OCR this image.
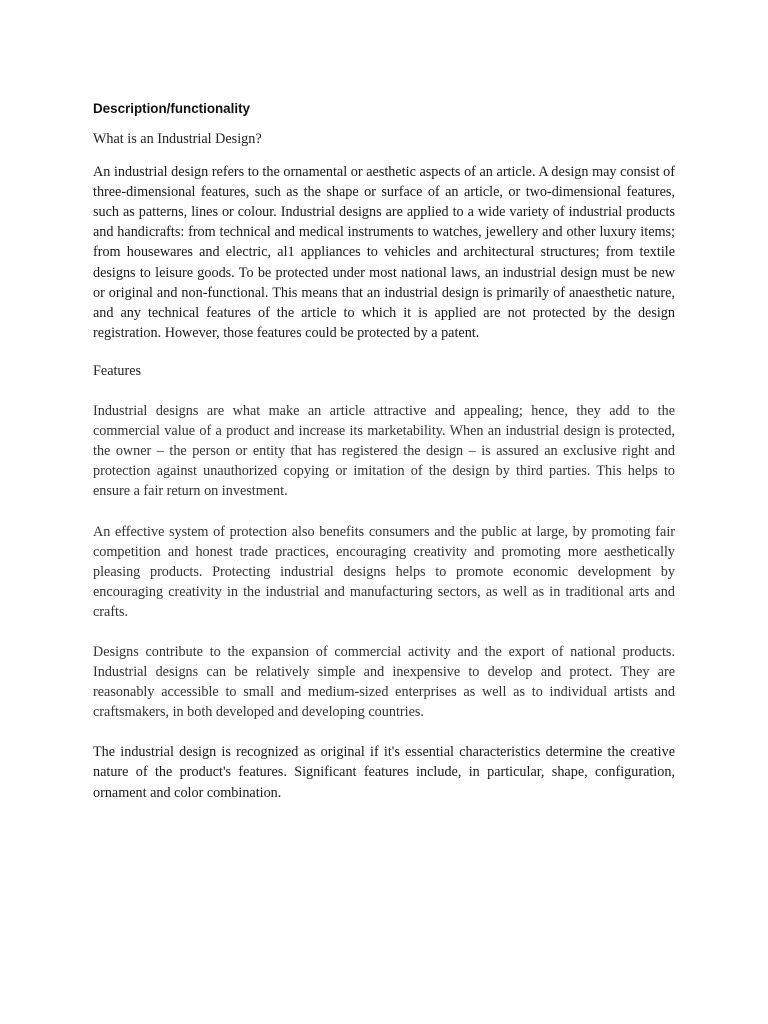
Description/functionality

What is an Industrial Design?

An industrial design refers to the ornamental or aesthetic aspects of an article. A design may consist of three-dimensional features, such as the shape or surface of an article, or two-dimensional features, such as patterns, lines or colour. Industrial designs are applied to a wide variety of industrial products and handicrafts: from technical and medical instruments to watches, jewellery and other luxury items; from housewares and electric, al1 appliances to vehicles and architectural structures; from textile designs to leisure goods. To be protected under most national laws, an industrial design must be new or original and non-functional. This means that an industrial design is primarily of anaesthetic nature, and any technical features of the article to which it is applied are not protected by the design registration. However, those features could be protected by a patent.

Features

Industrial designs are what make an article attractive and appealing; hence, they add to the commercial value of a product and increase its marketability. When an industrial design is protected, the owner – the person or entity that has registered the design – is assured an exclusive right and protection against unauthorized copying or imitation of the design by third parties. This helps to ensure a fair return on investment.

An effective system of protection also benefits consumers and the public at large, by promoting fair competition and honest trade practices, encouraging creativity and promoting more aesthetically pleasing products. Protecting industrial designs helps to promote economic development by encouraging creativity in the industrial and manufacturing sectors, as well as in traditional arts and crafts.

Designs contribute to the expansion of commercial activity and the export of national products. Industrial designs can be relatively simple and inexpensive to develop and protect. They are reasonably accessible to small and medium-sized enterprises as well as to individual artists and craftsmakers, in both developed and developing countries.

The industrial design is recognized as original if it's essential characteristics determine the creative nature of the product's features. Significant features include, in particular, shape, configuration, ornament and color combination.
